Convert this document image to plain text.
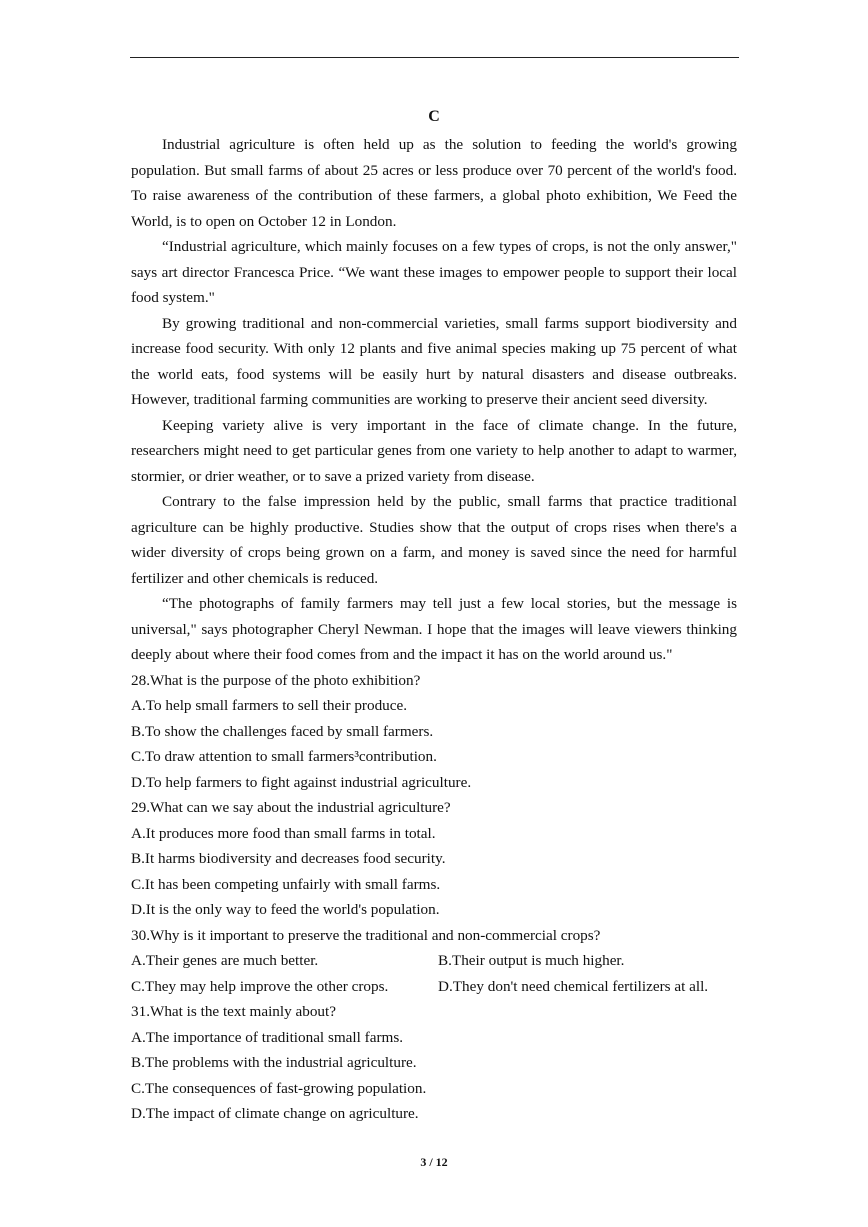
C

Industrial agriculture is often held up as the solution to feeding the world's growing population. But small farms of about 25 acres or less produce over 70 percent of the world's food. To raise awareness of the contribution of these farmers, a global photo exhibition, We Feed the World, is to open on October 12 in London.

“Industrial agriculture, which mainly focuses on a few types of crops, is not the only answer," says art director Francesca Price. “We want these images to empower people to support their local food system."

By growing traditional and non-commercial varieties, small farms support biodiversity and increase food security. With only 12 plants and five animal species making up 75 percent of what the world eats, food systems will be easily hurt by natural disasters and disease outbreaks. However, traditional farming communities are working to preserve their ancient seed diversity.

Keeping variety alive is very important in the face of climate change. In the future, researchers might need to get particular genes from one variety to help another to adapt to warmer, stormier, or drier weather, or to save a prized variety from disease.

Contrary to the false impression held by the public, small farms that practice traditional agriculture can be highly productive. Studies show that the output of crops rises when there's a wider diversity of crops being grown on a farm, and money is saved since the need for harmful fertilizer and other chemicals is reduced.

“The photographs of family farmers may tell just a few local stories, but the message is universal," says photographer Cheryl Newman. I hope that the images will leave viewers thinking deeply about where their food comes from and the impact it has on the world around us."

28.What is the purpose of the photo exhibition?
A.To help small farmers to sell their produce.
B.To show the challenges faced by small farmers.
C.To draw attention to small farmers³contribution.
D.To help farmers to fight against industrial agriculture.
29.What can we say about the industrial agriculture?
A.It produces more food than small farms in total.
B.It harms biodiversity and decreases food security.
C.It has been competing unfairly with small farms.
D.It is the only way to feed the world's population.
30.Why is it important to preserve the traditional and non-commercial crops?
A.Their genes are much better.	B.Their output is much higher.
C.They may help improve the other crops.	D.They don't need chemical fertilizers at all.
31.What is the text mainly about?
A.The importance of traditional small farms.
B.The problems with the industrial agriculture.
C.The consequences of fast-growing population.
D.The impact of climate change on agriculture.
3 / 12
